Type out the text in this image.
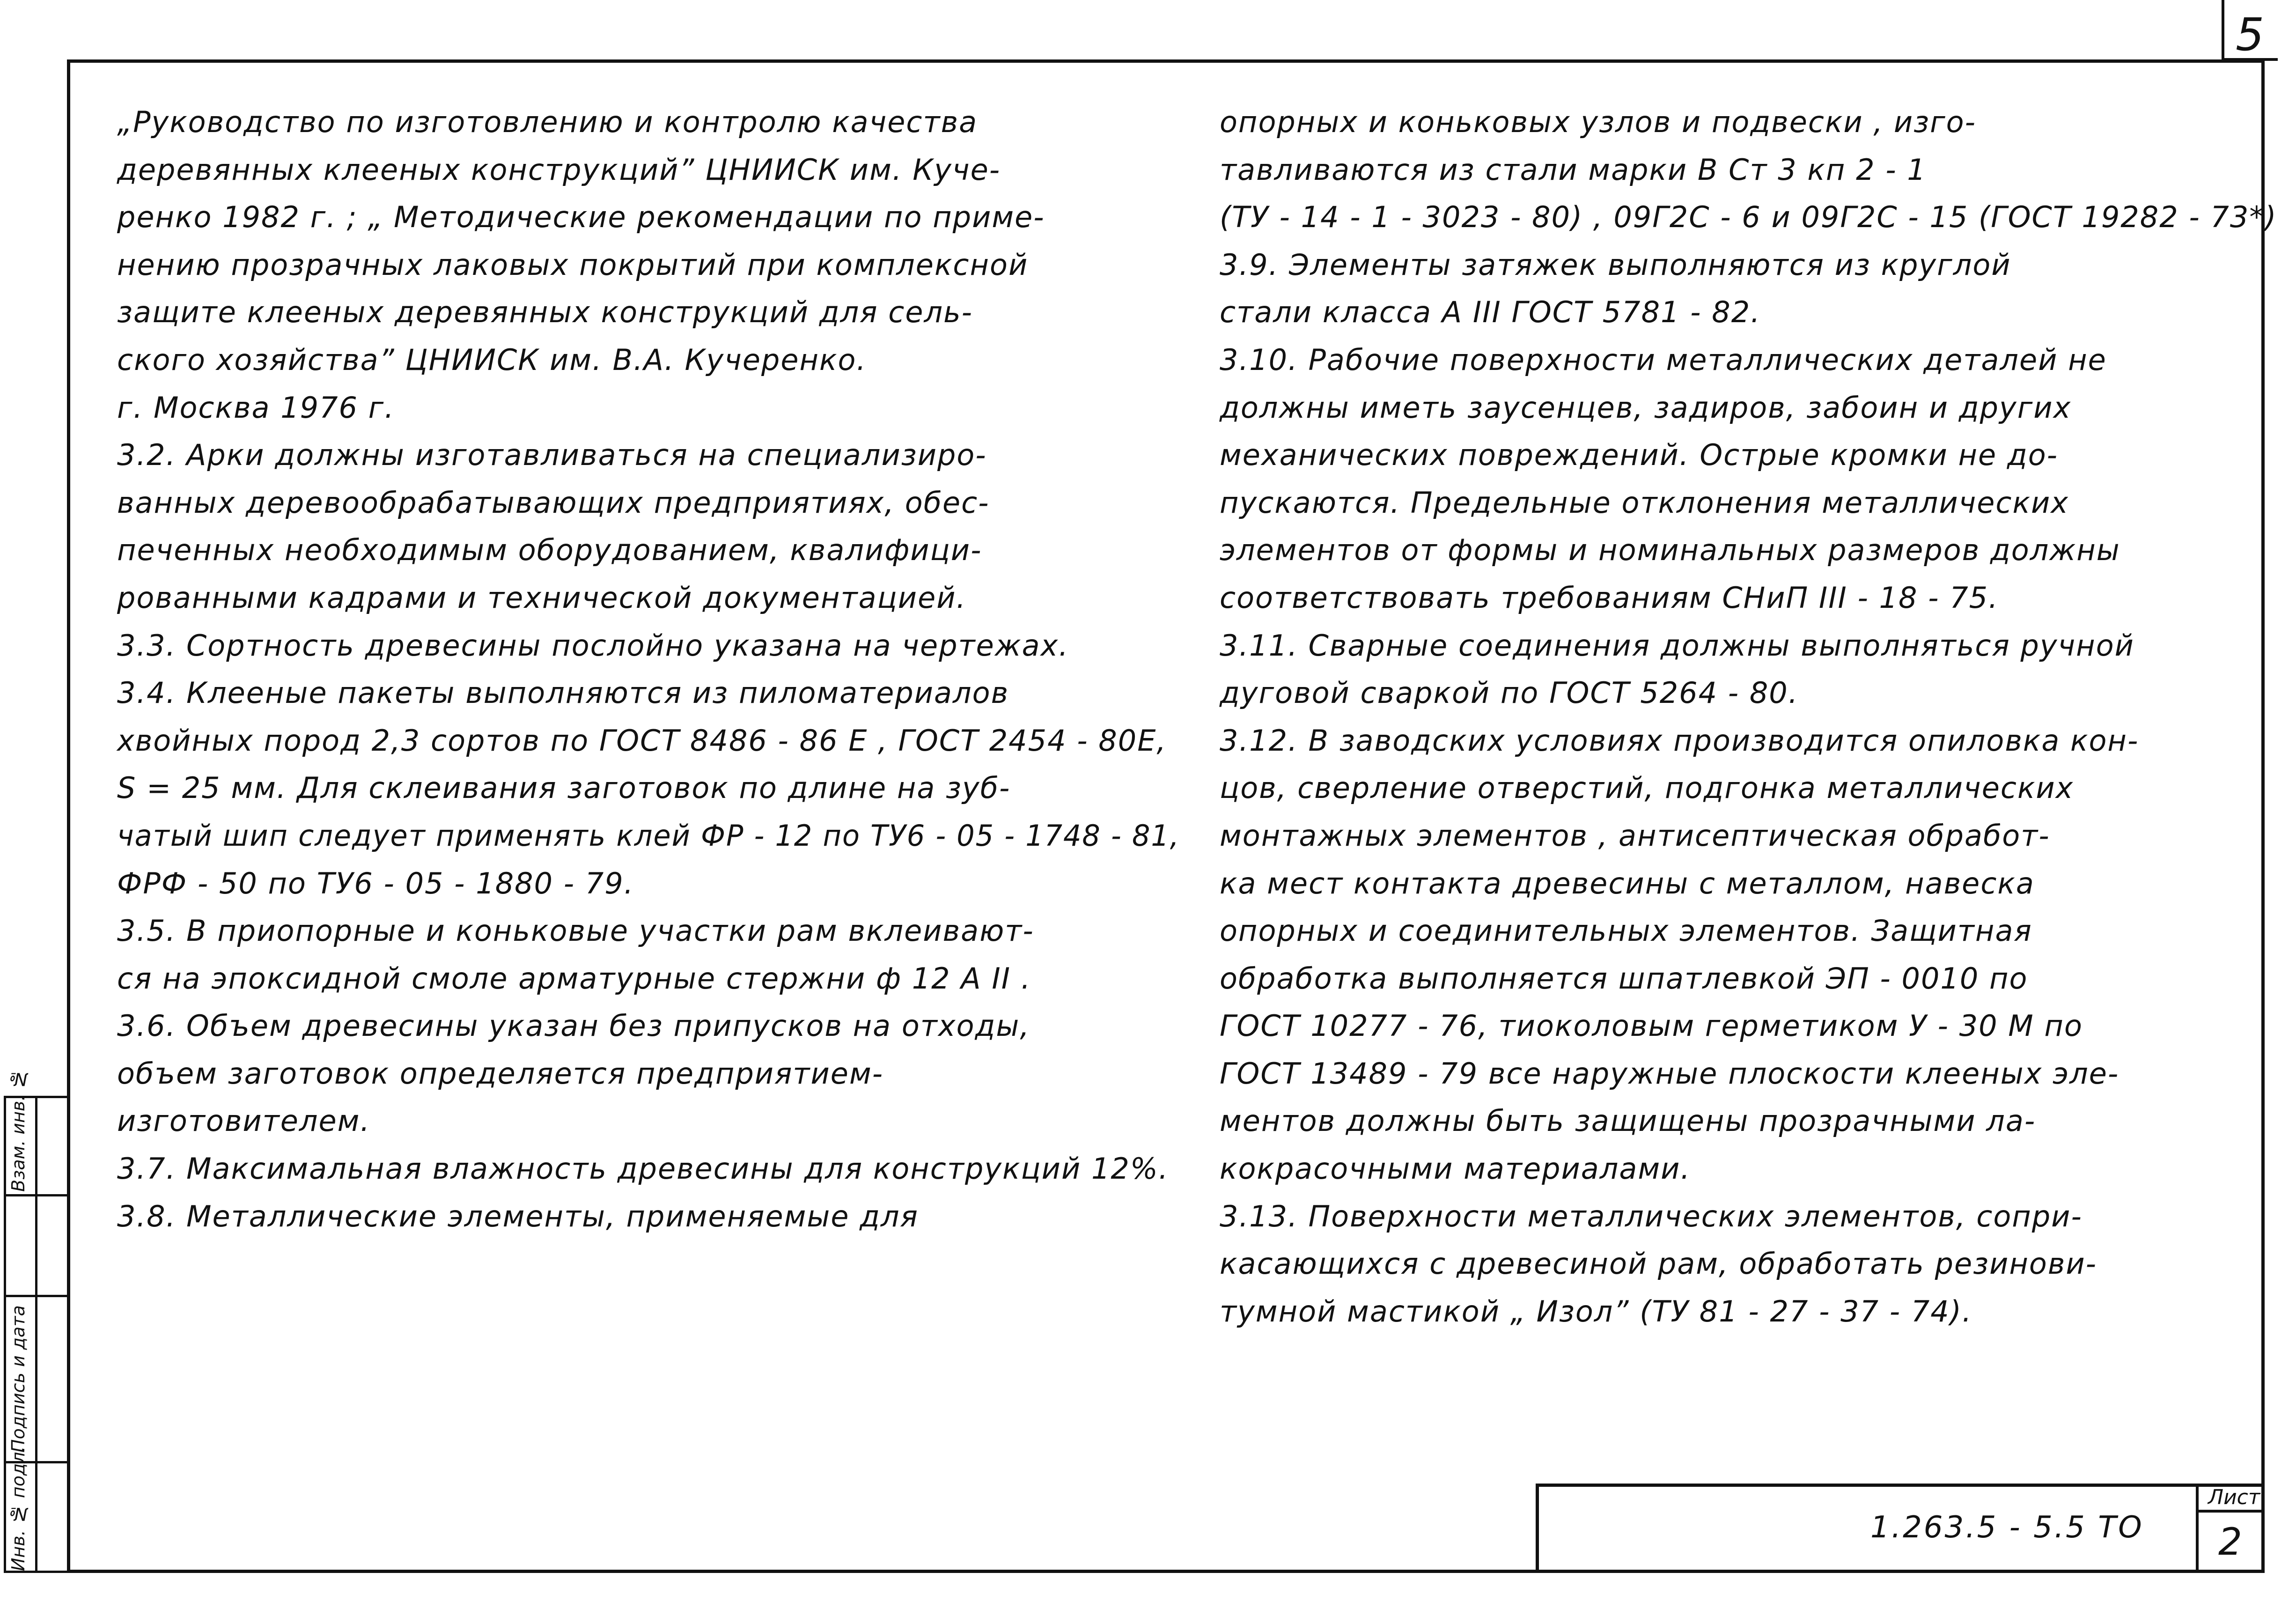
5
„Руководство по изготовлению и контролю качества
деревянных клееных конструкций” ЦНИИСК им. Куче-
ренко 1982 г. ; „ Методические рекомендации по приме-
нению прозрачных лаковых покрытий при комплексной
защите клееных деревянных конструкций для сель-
ского хозяйства” ЦНИИСК им. В.А. Кучеренко.
г. Москва 1976 г.
3.2. Арки должны изготавливаться на специализиро-
ванных деревообрабатывающих предприятиях, обес-
печенных необходимым оборудованием, квалифици-
рованными кадрами и технической документацией.
3.3. Сортность древесины послойно указана на чертежах.
3.4. Клееные пакеты выполняются из пиломатериалов
хвойных пород 2,3 сортов по ГОСТ 8486 - 86 Е , ГОСТ 2454 - 80Е,
S = 25 мм. Для склеивания заготовок по длине на зуб-
чатый шип следует применять клей ФР - 12 по ТУ6 - 05 - 1748 - 81,
ФРФ - 50 по ТУ6 - 05 - 1880 - 79.
3.5. В приопорные и коньковые участки рам вклеивают-
ся на эпоксидной смоле арматурные стержни ф 12 А II .
3.6. Объем древесины указан без припусков на отходы,
объем заготовок определяется предприятием-
изготовителем.
3.7. Максимальная влажность древесины для конструкций 12%.
3.8. Металлические элементы, применяемые для
опорных и коньковых узлов и подвески , изго-
тавливаются из стали марки В Ст 3 кп 2 - 1
(ТУ - 14 - 1 - 3023 - 80) , 09Г2С - 6 и 09Г2С - 15 (ГОСТ 19282 - 73*)
3.9. Элементы затяжек выполняются из круглой
стали класса А III ГОСТ 5781 - 82.
3.10. Рабочие поверхности металлических деталей не
должны иметь заусенцев, задиров, забоин и других
механических повреждений. Острые кромки не до-
пускаются. Предельные отклонения металлических
элементов от формы и номинальных размеров должны
соответствовать требованиям СНиП III - 18 - 75.
3.11. Сварные соединения должны выполняться ручной
дуговой сваркой по ГОСТ 5264 - 80.
3.12. В заводских условиях производится опиловка кон-
цов, сверление отверстий, подгонка металлических
монтажных элементов , антисептическая обработ-
ка мест контакта древесины с металлом, навеска
опорных и соединительных элементов. Защитная
обработка выполняется шпатлевкой ЭП - 0010 по
ГОСТ 10277 - 76, тиоколовым герметиком У - 30 М по
ГОСТ 13489 - 79 все наружные плоскости клееных эле-
ментов должны быть защищены прозрачными ла-
кокрасочными материалами.
3.13. Поверхности металлических элементов, сопри-
касающихся с древесиной рам, обработать резинови-
тумной мастикой „ Изол” (ТУ 81 - 27 - 37 - 74).
Взам. инв. №
Подпись и дата
Инв. № подл.	1.263.5 - 5.5 ТО
Лист
2
